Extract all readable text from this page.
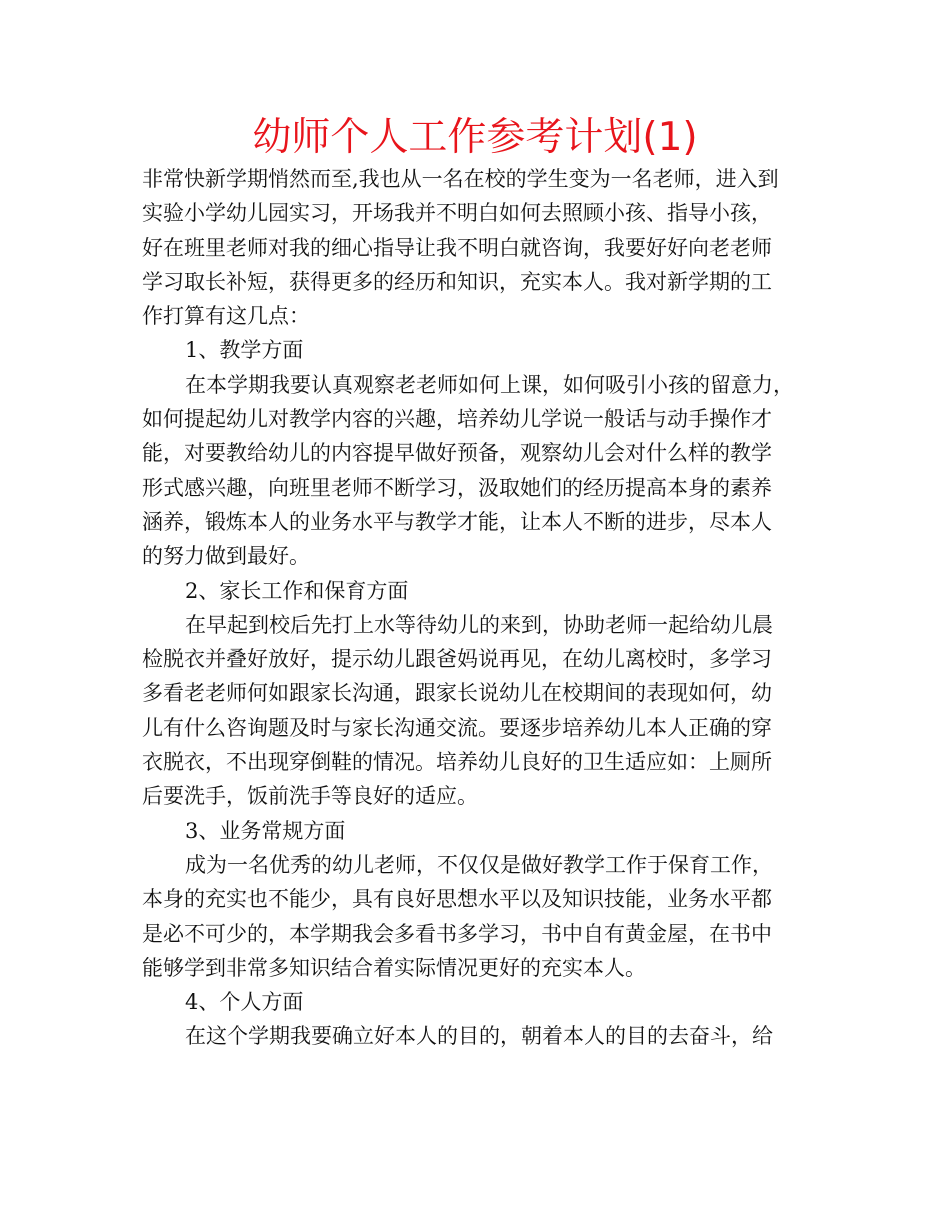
幼师个人工作参考计划(1)
非常快新学期悄然而至,我也从一名在校的学生变为一名老师，进入到
实验小学幼儿园实习，开场我并不明白如何去照顾小孩、指导小孩，
好在班里老师对我的细心指导让我不明白就咨询，我要好好向老老师
学习取长补短，获得更多的经历和知识，充实本人。我对新学期的工
作打算有这几点：
1、教学方面
在本学期我要认真观察老老师如何上课，如何吸引小孩的留意力，
如何提起幼儿对教学内容的兴趣，培养幼儿学说一般话与动手操作才
能，对要教给幼儿的内容提早做好预备，观察幼儿会对什么样的教学
形式感兴趣，向班里老师不断学习，汲取她们的经历提高本身的素养
涵养，锻炼本人的业务水平与教学才能，让本人不断的进步，尽本人
的努力做到最好。
2、家长工作和保育方面
在早起到校后先打上水等待幼儿的来到，协助老师一起给幼儿晨
检脱衣并叠好放好，提示幼儿跟爸妈说再见，在幼儿离校时，多学习
多看老老师何如跟家长沟通，跟家长说幼儿在校期间的表现如何，幼
儿有什么咨询题及时与家长沟通交流。要逐步培养幼儿本人正确的穿
衣脱衣，不出现穿倒鞋的情况。培养幼儿良好的卫生适应如：上厕所
后要洗手，饭前洗手等良好的适应。
3、业务常规方面
成为一名优秀的幼儿老师，不仅仅是做好教学工作于保育工作，
本身的充实也不能少，具有良好思想水平以及知识技能，业务水平都
是必不可少的，本学期我会多看书多学习，书中自有黄金屋，在书中
能够学到非常多知识结合着实际情况更好的充实本人。
4、个人方面
在这个学期我要确立好本人的目的，朝着本人的目的去奋斗，给
